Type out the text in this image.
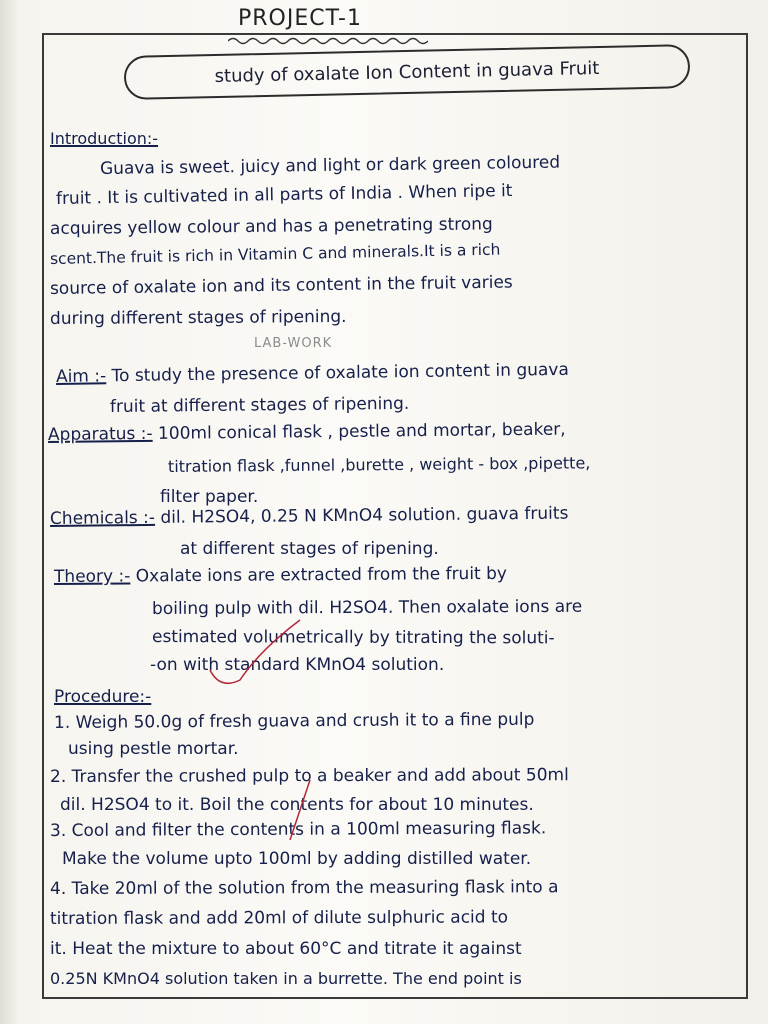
PROJECT-1
study of oxalate Ion Content in guava Fruit
Introduction:-
Guava is sweet. juicy and light or dark green coloured
fruit . It is cultivated in all parts of India . When ripe it
acquires yellow colour and has a penetrating strong
scent.The fruit is rich in Vitamin C and minerals.It is a rich
source of oxalate ion and its content in the fruit varies
during different stages of ripening.
LAB-WORK
Aim :- To study the presence of oxalate ion content in guava
fruit at different stages of ripening.
Apparatus :- 100ml conical flask , pestle and mortar, beaker,
titration flask ,funnel ,burette , weight - box ,pipette,
filter paper.
Chemicals :- dil. H2SO4, 0.25 N KMnO4 solution. guava fruits
at different stages of ripening.
Theory :- Oxalate ions are extracted from the fruit by
boiling pulp with dil. H2SO4. Then oxalate ions are
estimated volumetrically by titrating the soluti-
-on with standard KMnO4 solution.
Procedure:-
1. Weigh 50.0g of fresh guava and crush it to a fine pulp
using pestle mortar.
2. Transfer the crushed pulp to a beaker and add about 50ml
dil. H2SO4 to it. Boil the contents for about 10 minutes.
3. Cool and filter the contents in a 100ml measuring flask.
Make the volume upto 100ml by adding distilled water.
4. Take 20ml of the solution from the measuring flask into a
titration flask and add 20ml of dilute sulphuric acid to
it. Heat the mixture to about 60°C and titrate it against
0.25N KMnO4 solution taken in a burrette. The end point is
